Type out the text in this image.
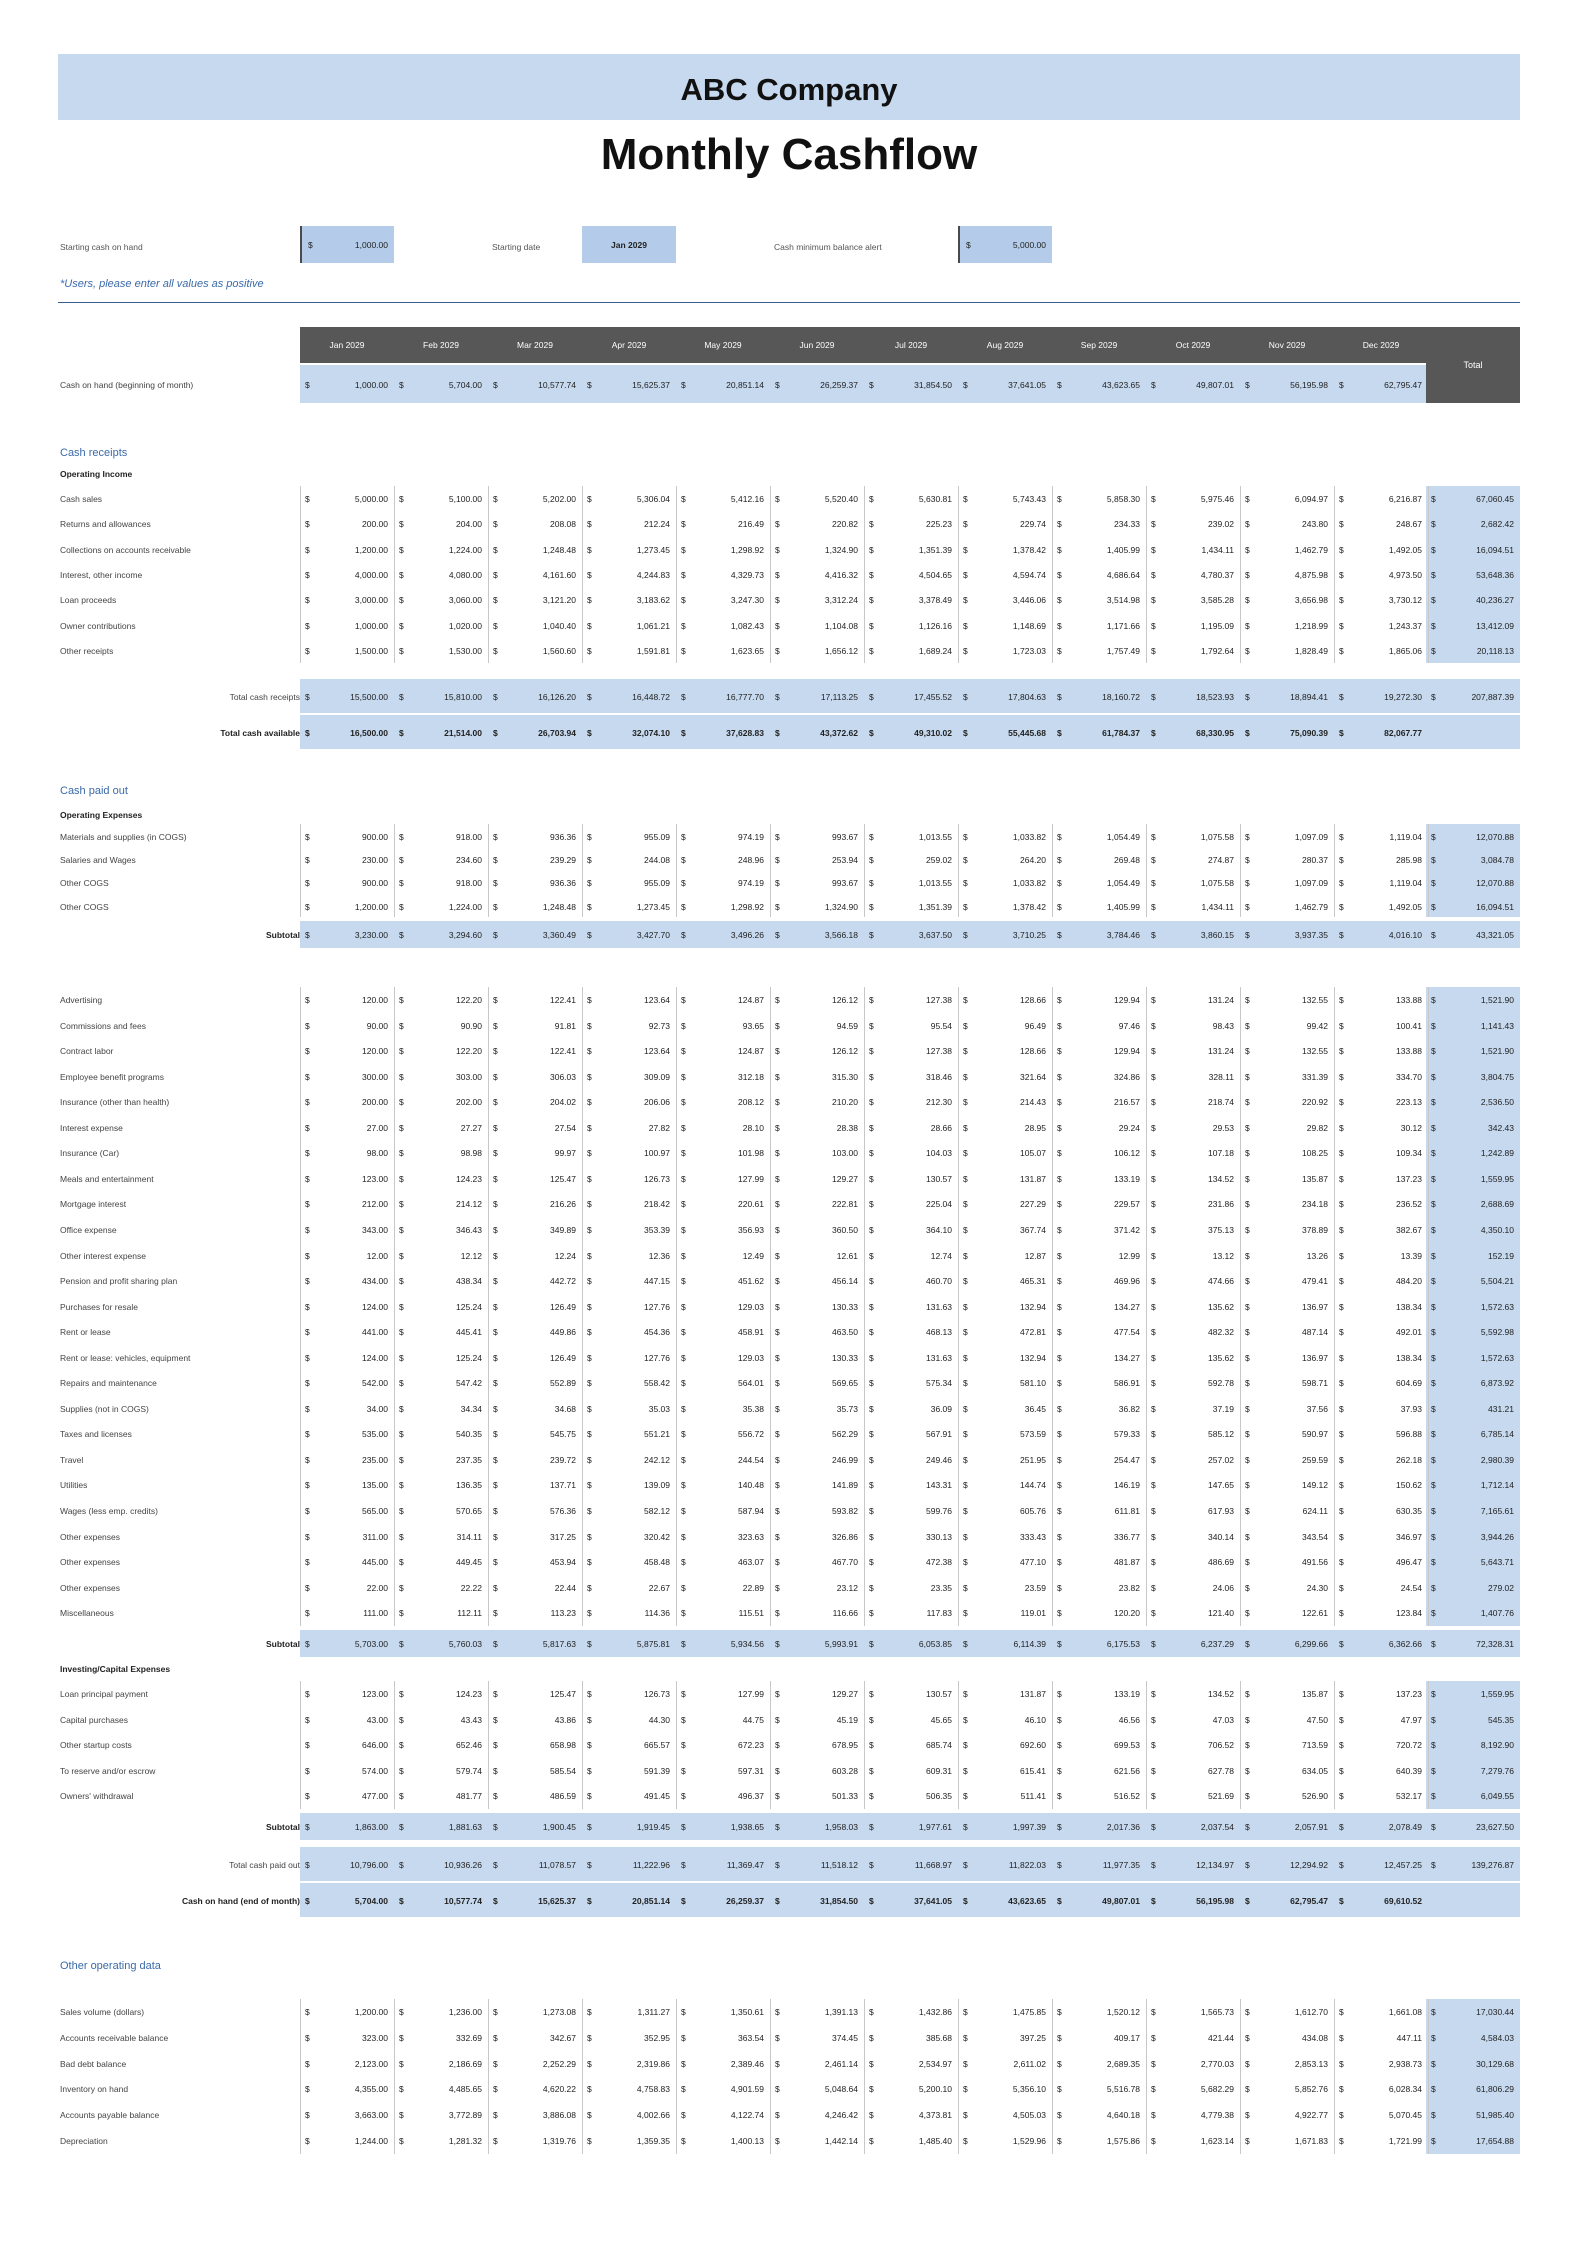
ABC Company
Monthly Cashflow
Starting cash on hand	$	1,000.00	Starting date	Jan 2029	Cash minimum balance alert	$	5,000.00
*Users, please enter all values as positive
Total
Jan 2029	Feb 2029	Mar 2029	Apr 2029	May 2029	Jun 2029	Jul 2029	Aug 2029	Sep 2029	Oct 2029	Nov 2029	Dec 2029
Cash on hand (beginning of month)	$	1,000.00 $	5,704.00 $	10,577.74 $	15,625.37 $	20,851.14 $	26,259.37 $	31,854.50 $	37,641.05 $	43,623.65 $	49,807.01 $	56,195.98 $	62,795.47
Cash receipts
Operating Income
Cash sales	$	5,000.00 $	5,100.00 $	5,202.00 $	5,306.04 $	5,412.16 $	5,520.40 $	5,630.81 $	5,743.43 $	5,858.30 $	5,975.46 $	6,094.97 $	6,216.87 $	67,060.45
Returns and allowances	$	200.00 $	204.00 $	208.08 $	212.24 $	216.49 $	220.82 $	225.23 $	229.74 $	234.33 $	239.02 $	243.80 $	248.67 $	2,682.42
Collections on accounts receivable	$	1,200.00 $	1,224.00 $	1,248.48 $	1,273.45 $	1,298.92 $	1,324.90 $	1,351.39 $	1,378.42 $	1,405.99 $	1,434.11 $	1,462.79 $	1,492.05 $	16,094.51
Interest, other income	$	4,000.00 $	4,080.00 $	4,161.60 $	4,244.83 $	4,329.73 $	4,416.32 $	4,504.65 $	4,594.74 $	4,686.64 $	4,780.37 $	4,875.98 $	4,973.50 $	53,648.36
Loan proceeds	$	3,000.00 $	3,060.00 $	3,121.20 $	3,183.62 $	3,247.30 $	3,312.24 $	3,378.49 $	3,446.06 $	3,514.98 $	3,585.28 $	3,656.98 $	3,730.12 $	40,236.27
Owner contributions	$	1,000.00 $	1,020.00 $	1,040.40 $	1,061.21 $	1,082.43 $	1,104.08 $	1,126.16 $	1,148.69 $	1,171.66 $	1,195.09 $	1,218.99 $	1,243.37 $	13,412.09
Other receipts	$	1,500.00 $	1,530.00 $	1,560.60 $	1,591.81 $	1,623.65 $	1,656.12 $	1,689.24 $	1,723.03 $	1,757.49 $	1,792.64 $	1,828.49 $	1,865.06 $	20,118.13
Total cash receipts $	15,500.00 $	15,810.00 $	16,126.20 $	16,448.72 $	16,777.70 $	17,113.25 $	17,455.52 $	17,804.63 $	18,160.72 $	18,523.93 $	18,894.41 $	19,272.30 $	207,887.39
Total cash available $	16,500.00 $	21,514.00 $	26,703.94 $	32,074.10 $	37,628.83 $	43,372.62 $	49,310.02 $	55,445.68 $	61,784.37 $	68,330.95 $	75,090.39 $	82,067.77
Cash paid out
Operating Expenses
Materials and supplies (in COGS)	$	900.00 $	918.00 $	936.36 $	955.09 $	974.19 $	993.67 $	1,013.55 $	1,033.82 $	1,054.49 $	1,075.58 $	1,097.09 $	1,119.04 $	12,070.88
Salaries and Wages	$	230.00 $	234.60 $	239.29 $	244.08 $	248.96 $	253.94 $	259.02 $	264.20 $	269.48 $	274.87 $	280.37 $	285.98 $	3,084.78
Other COGS	$	900.00 $	918.00 $	936.36 $	955.09 $	974.19 $	993.67 $	1,013.55 $	1,033.82 $	1,054.49 $	1,075.58 $	1,097.09 $	1,119.04 $	12,070.88
Other COGS	$	1,200.00 $	1,224.00 $	1,248.48 $	1,273.45 $	1,298.92 $	1,324.90 $	1,351.39 $	1,378.42 $	1,405.99 $	1,434.11 $	1,462.79 $	1,492.05 $	16,094.51
Subtotal $	3,230.00 $	3,294.60 $	3,360.49 $	3,427.70 $	3,496.26 $	3,566.18 $	3,637.50 $	3,710.25 $	3,784.46 $	3,860.15 $	3,937.35 $	4,016.10 $	43,321.05
Advertising	$	120.00 $	122.20 $	122.41 $	123.64 $	124.87 $	126.12 $	127.38 $	128.66 $	129.94 $	131.24 $	132.55 $	133.88 $	1,521.90
Commissions and fees	$	90.00 $	90.90 $	91.81 $	92.73 $	93.65 $	94.59 $	95.54 $	96.49 $	97.46 $	98.43 $	99.42 $	100.41 $	1,141.43
Contract labor	$	120.00 $	122.20 $	122.41 $	123.64 $	124.87 $	126.12 $	127.38 $	128.66 $	129.94 $	131.24 $	132.55 $	133.88 $	1,521.90
Employee benefit programs	$	300.00 $	303.00 $	306.03 $	309.09 $	312.18 $	315.30 $	318.46 $	321.64 $	324.86 $	328.11 $	331.39 $	334.70 $	3,804.75
Insurance (other than health)	$	200.00 $	202.00 $	204.02 $	206.06 $	208.12 $	210.20 $	212.30 $	214.43 $	216.57 $	218.74 $	220.92 $	223.13 $	2,536.50
Interest expense	$	27.00 $	27.27 $	27.54 $	27.82 $	28.10 $	28.38 $	28.66 $	28.95 $	29.24 $	29.53 $	29.82 $	30.12 $	342.43
Insurance (Car)	$	98.00 $	98.98 $	99.97 $	100.97 $	101.98 $	103.00 $	104.03 $	105.07 $	106.12 $	107.18 $	108.25 $	109.34 $	1,242.89
Meals and entertainment	$	123.00 $	124.23 $	125.47 $	126.73 $	127.99 $	129.27 $	130.57 $	131.87 $	133.19 $	134.52 $	135.87 $	137.23 $	1,559.95
Mortgage interest	$	212.00 $	214.12 $	216.26 $	218.42 $	220.61 $	222.81 $	225.04 $	227.29 $	229.57 $	231.86 $	234.18 $	236.52 $	2,688.69
Office expense	$	343.00 $	346.43 $	349.89 $	353.39 $	356.93 $	360.50 $	364.10 $	367.74 $	371.42 $	375.13 $	378.89 $	382.67 $	4,350.10
Other interest expense	$	12.00 $	12.12 $	12.24 $	12.36 $	12.49 $	12.61 $	12.74 $	12.87 $	12.99 $	13.12 $	13.26 $	13.39 $	152.19
Pension and profit sharing plan	$	434.00 $	438.34 $	442.72 $	447.15 $	451.62 $	456.14 $	460.70 $	465.31 $	469.96 $	474.66 $	479.41 $	484.20 $	5,504.21
Purchases for resale	$	124.00 $	125.24 $	126.49 $	127.76 $	129.03 $	130.33 $	131.63 $	132.94 $	134.27 $	135.62 $	136.97 $	138.34 $	1,572.63
Rent or lease	$	441.00 $	445.41 $	449.86 $	454.36 $	458.91 $	463.50 $	468.13 $	472.81 $	477.54 $	482.32 $	487.14 $	492.01 $	5,592.98
Rent or lease: vehicles, equipment	$	124.00 $	125.24 $	126.49 $	127.76 $	129.03 $	130.33 $	131.63 $	132.94 $	134.27 $	135.62 $	136.97 $	138.34 $	1,572.63
Repairs and maintenance	$	542.00 $	547.42 $	552.89 $	558.42 $	564.01 $	569.65 $	575.34 $	581.10 $	586.91 $	592.78 $	598.71 $	604.69 $	6,873.92
Supplies (not in COGS)	$	34.00 $	34.34 $	34.68 $	35.03 $	35.38 $	35.73 $	36.09 $	36.45 $	36.82 $	37.19 $	37.56 $	37.93 $	431.21
Taxes and licenses	$	535.00 $	540.35 $	545.75 $	551.21 $	556.72 $	562.29 $	567.91 $	573.59 $	579.33 $	585.12 $	590.97 $	596.88 $	6,785.14
Travel	$	235.00 $	237.35 $	239.72 $	242.12 $	244.54 $	246.99 $	249.46 $	251.95 $	254.47 $	257.02 $	259.59 $	262.18 $	2,980.39
Utilities	$	135.00 $	136.35 $	137.71 $	139.09 $	140.48 $	141.89 $	143.31 $	144.74 $	146.19 $	147.65 $	149.12 $	150.62 $	1,712.14
Wages (less emp. credits)	$	565.00 $	570.65 $	576.36 $	582.12 $	587.94 $	593.82 $	599.76 $	605.76 $	611.81 $	617.93 $	624.11 $	630.35 $	7,165.61
Other expenses	$	311.00 $	314.11 $	317.25 $	320.42 $	323.63 $	326.86 $	330.13 $	333.43 $	336.77 $	340.14 $	343.54 $	346.97 $	3,944.26
Other expenses	$	445.00 $	449.45 $	453.94 $	458.48 $	463.07 $	467.70 $	472.38 $	477.10 $	481.87 $	486.69 $	491.56 $	496.47 $	5,643.71
Other expenses	$	22.00 $	22.22 $	22.44 $	22.67 $	22.89 $	23.12 $	23.35 $	23.59 $	23.82 $	24.06 $	24.30 $	24.54 $	279.02
Miscellaneous	$	111.00 $	112.11 $	113.23 $	114.36 $	115.51 $	116.66 $	117.83 $	119.01 $	120.20 $	121.40 $	122.61 $	123.84 $	1,407.76
Subtotal $	5,703.00 $	5,760.03 $	5,817.63 $	5,875.81 $	5,934.56 $	5,993.91 $	6,053.85 $	6,114.39 $	6,175.53 $	6,237.29 $	6,299.66 $	6,362.66 $	72,328.31
Investing/Capital Expenses
Loan principal payment	$	123.00 $	124.23 $	125.47 $	126.73 $	127.99 $	129.27 $	130.57 $	131.87 $	133.19 $	134.52 $	135.87 $	137.23 $	1,559.95
Capital purchases	$	43.00 $	43.43 $	43.86 $	44.30 $	44.75 $	45.19 $	45.65 $	46.10 $	46.56 $	47.03 $	47.50 $	47.97 $	545.35
Other startup costs	$	646.00 $	652.46 $	658.98 $	665.57 $	672.23 $	678.95 $	685.74 $	692.60 $	699.53 $	706.52 $	713.59 $	720.72 $	8,192.90
To reserve and/or escrow	$	574.00 $	579.74 $	585.54 $	591.39 $	597.31 $	603.28 $	609.31 $	615.41 $	621.56 $	627.78 $	634.05 $	640.39 $	7,279.76
Owners' withdrawal	$	477.00 $	481.77 $	486.59 $	491.45 $	496.37 $	501.33 $	506.35 $	511.41 $	516.52 $	521.69 $	526.90 $	532.17 $	6,049.55
Subtotal $	1,863.00 $	1,881.63 $	1,900.45 $	1,919.45 $	1,938.65 $	1,958.03 $	1,977.61 $	1,997.39 $	2,017.36 $	2,037.54 $	2,057.91 $	2,078.49 $	23,627.50
Total cash paid out $	10,796.00 $	10,936.26 $	11,078.57 $	11,222.96 $	11,369.47 $	11,518.12 $	11,668.97 $	11,822.03 $	11,977.35 $	12,134.97 $	12,294.92 $	12,457.25 $	139,276.87
Cash on hand (end of month) $	5,704.00 $	10,577.74 $	15,625.37 $	20,851.14 $	26,259.37 $	31,854.50 $	37,641.05 $	43,623.65 $	49,807.01 $	56,195.98 $	62,795.47 $	69,610.52
Other operating data
Sales volume (dollars)	$	1,200.00 $	1,236.00 $	1,273.08 $	1,311.27 $	1,350.61 $	1,391.13 $	1,432.86 $	1,475.85 $	1,520.12 $	1,565.73 $	1,612.70 $	1,661.08 $	17,030.44
Accounts receivable balance	$	323.00 $	332.69 $	342.67 $	352.95 $	363.54 $	374.45 $	385.68 $	397.25 $	409.17 $	421.44 $	434.08 $	447.11 $	4,584.03
Bad debt balance	$	2,123.00 $	2,186.69 $	2,252.29 $	2,319.86 $	2,389.46 $	2,461.14 $	2,534.97 $	2,611.02 $	2,689.35 $	2,770.03 $	2,853.13 $	2,938.73 $	30,129.68
Inventory on hand	$	4,355.00 $	4,485.65 $	4,620.22 $	4,758.83 $	4,901.59 $	5,048.64 $	5,200.10 $	5,356.10 $	5,516.78 $	5,682.29 $	5,852.76 $	6,028.34 $	61,806.29
Accounts payable balance	$	3,663.00 $	3,772.89 $	3,886.08 $	4,002.66 $	4,122.74 $	4,246.42 $	4,373.81 $	4,505.03 $	4,640.18 $	4,779.38 $	4,922.77 $	5,070.45 $	51,985.40
Depreciation	$	1,244.00 $	1,281.32 $	1,319.76 $	1,359.35 $	1,400.13 $	1,442.14 $	1,485.40 $	1,529.96 $	1,575.86 $	1,623.14 $	1,671.83 $	1,721.99 $	17,654.88
